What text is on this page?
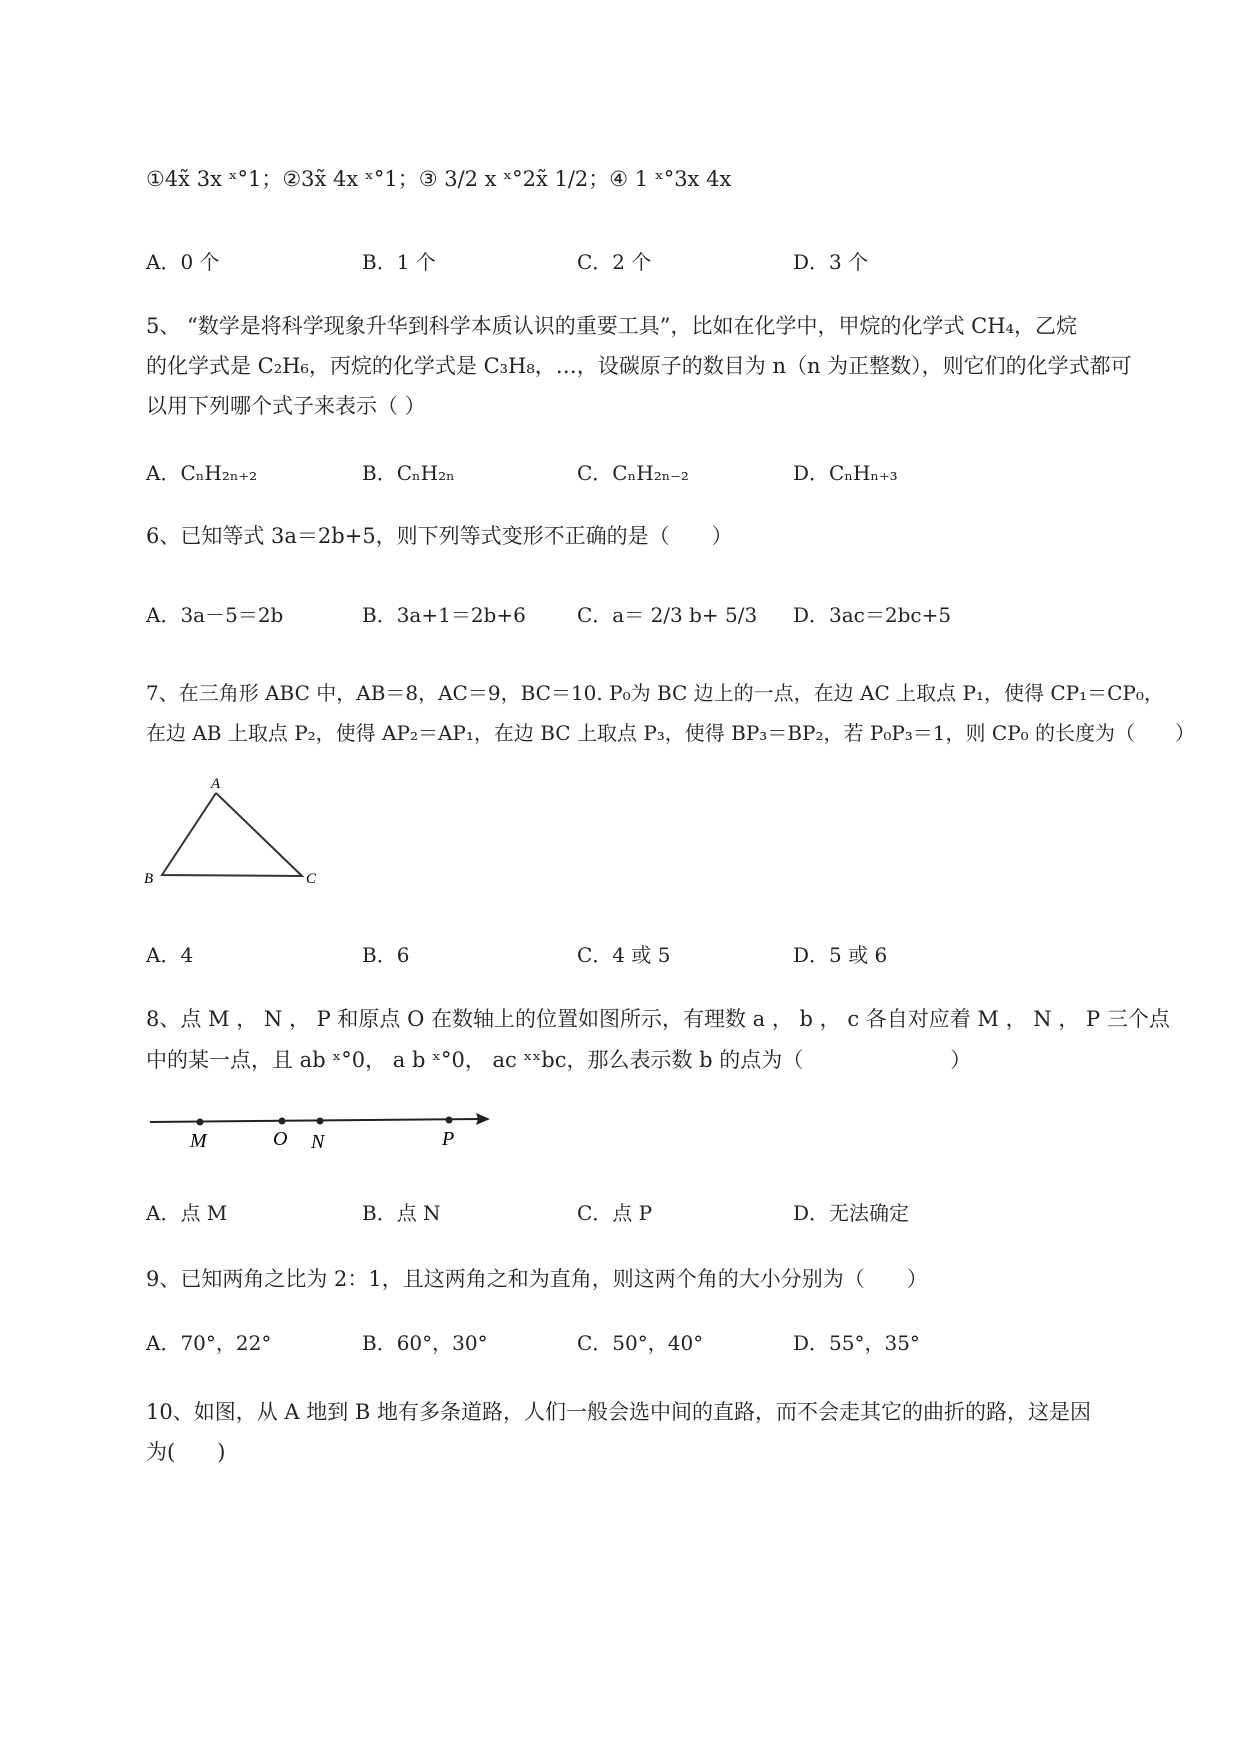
①4x̃ 3x ˣ°1；②3x̃ 4x ˣ°1；③ 3/2 x ˣ°2x̃ 1/2；④ 1 ˣ°3x 4x
A．0 个	B．1 个	C．2 个	D．3 个
5、 “数学是将科学现象升华到科学本质认识的重要工具”，比如在化学中，甲烷的化学式 CH₄，乙烷
的化学式是 C₂H₆，丙烷的化学式是 C₃H₈，…，设碳原子的数目为 n（n 为正整数），则它们的化学式都可
以用下列哪个式子来表示（ ）
A．CₙH₂ₙ₊₂	B．CₙH₂ₙ	C．CₙH₂ₙ₋₂	D．CₙHₙ₊₃
6、已知等式 3a＝2b+5，则下列等式变形不正确的是（　　）
A．3a－5＝2b	B．3a+1＝2b+6	C．a＝ 2/3 b+ 5/3 D．3ac＝2bc+5
7、在三角形 ABC 中，AB＝8，AC＝9，BC＝10. P₀为 BC 边上的一点，在边 AC 上取点 P₁，使得 CP₁＝CP₀，
在边 AB 上取点 P₂，使得 AP₂＝AP₁，在边 BC 上取点 P₃，使得 BP₃＝BP₂，若 P₀P₃＝1，则 CP₀ 的长度为（　　）
A
B	C
A．4	B．6	C．4 或 5	D．5 或 6
8、点 M ， N ， P 和原点 O 在数轴上的位置如图所示，有理数 a ， b ， c 各自对应着 M ， N ， P 三个点
中的某一点，且 ab ˣ°0， a b ˣ°0， ac ˣˣbc，那么表示数 b 的点为（　　　　　　　）
M	O N	P
A．点 M	B．点 N	C．点 P	D．无法确定
9、已知两角之比为 2：1，且这两角之和为直角，则这两个角的大小分别为（　　）
A．70°，22°	B．60°，30°	C．50°，40°	D．55°，35°
10、如图，从 A 地到 B 地有多条道路，人们一般会选中间的直路，而不会走其它的曲折的路，这是因
为(　　)
